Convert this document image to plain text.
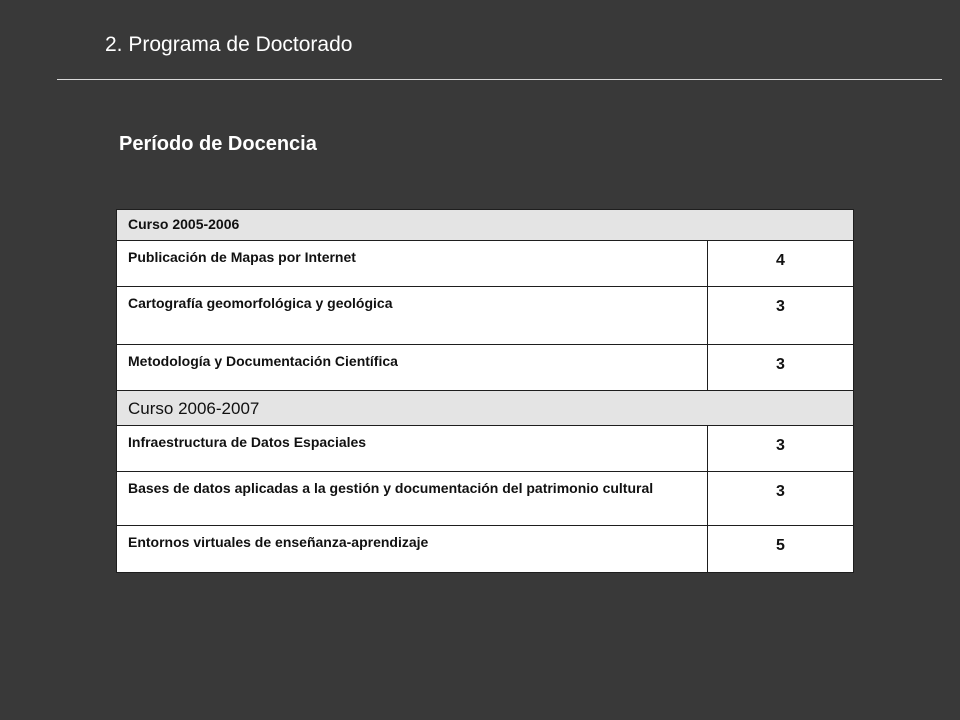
2. Programa de Doctorado
Período de Docencia
Curso 2005-2006	
Publicación de Mapas por Internet	4
Cartografía geomorfológica y geológica	3
Metodología y Documentación Científica	3
Curso 2006-2007	
Infraestructura de Datos Espaciales	3
Bases de datos aplicadas a la gestión y documentación del patrimonio cultural	3
Entornos virtuales de enseñanza-aprendizaje	5
